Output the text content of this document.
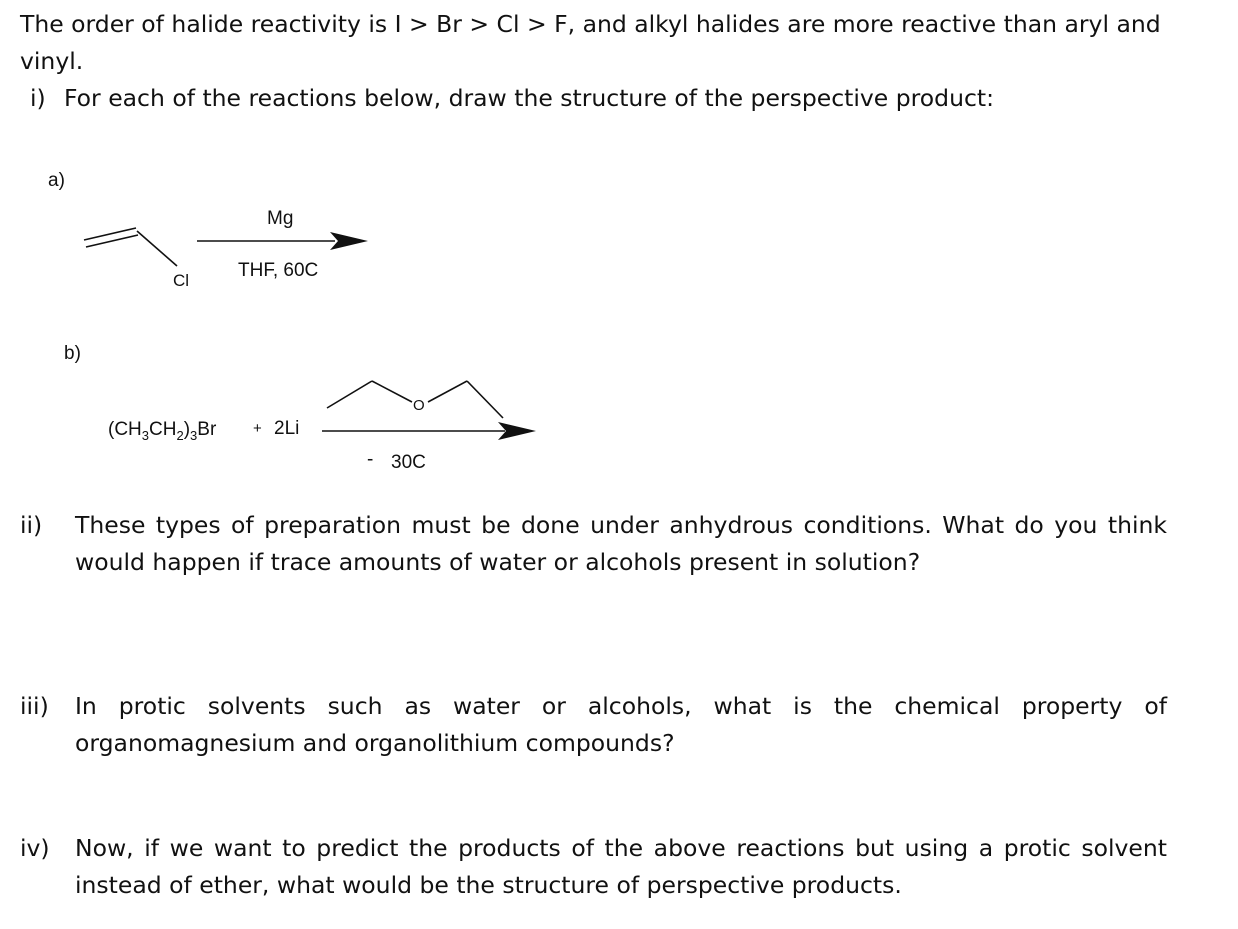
The order of halide reactivity is I > Br > Cl > F, and alkyl halides are more reactive than aryl and
vinyl.
i) For each of the reactions below, draw the structure of the perspective product:
a)
Cl
Mg
THF, 60C
b)
$(CH_3CH_2)_3Br + 2Li$
O
- 30C
ii) These types of preparation must be done under anhydrous conditions. What do you think would happen if trace amounts of water or alcohols present in solution?
iii) In protic solvents such as water or alcohols, what is the chemical property of organomagnesium and organolithium compounds?
iv) Now, if we want to predict the products of the above reactions but using a protic solvent instead of ether, what would be the structure of perspective products.
